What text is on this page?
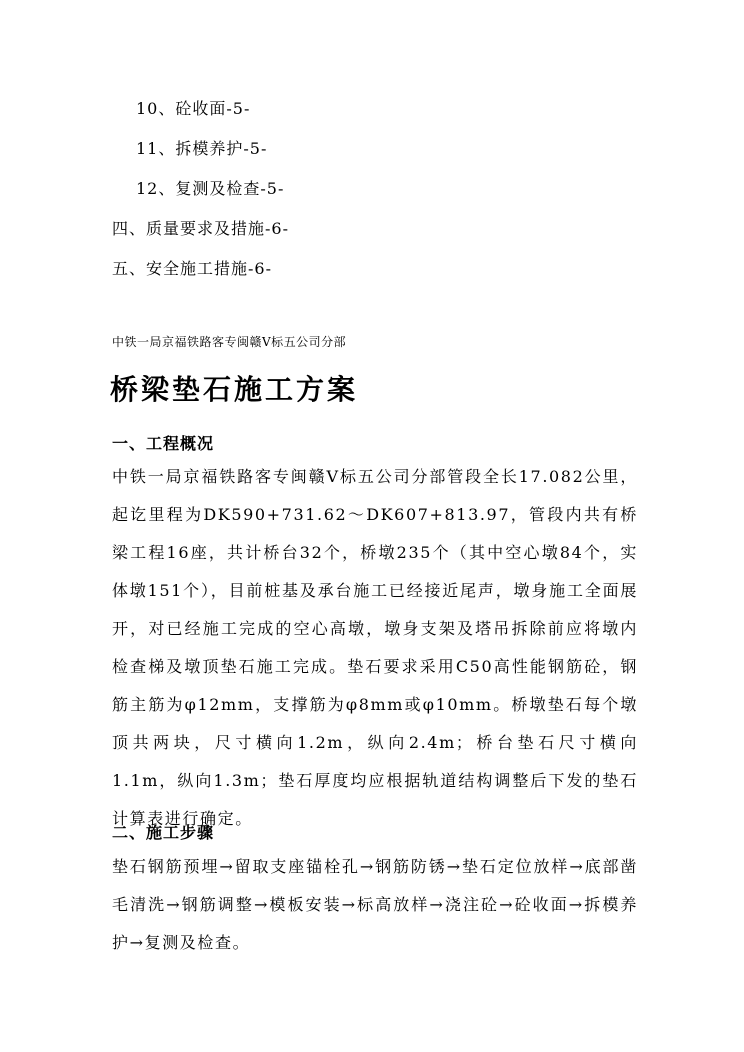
10、砼收面-5-
11、拆模养护-5-
12、复测及检查-5-
四、质量要求及措施-6-
五、安全施工措施-6-
中铁一局京福铁路客专闽赣Ⅴ标五公司分部
桥梁垫石施工方案
一、工程概况
中铁一局京福铁路客专闽赣Ⅴ标五公司分部管段全长17.082公里，起讫里程为DK590+731.62～DK607+813.97，管段内共有桥梁工程16座，共计桥台32个，桥墩235个（其中空心墩84个，实体墩151个），目前桩基及承台施工已经接近尾声，墩身施工全面展开，对已经施工完成的空心高墩，墩身支架及塔吊拆除前应将墩内检查梯及墩顶垫石施工完成。垫石要求采用C50高性能钢筋砼，钢筋主筋为φ12mm，支撑筋为φ8mm或φ10mm。桥墩垫石每个墩顶共两块，尺寸横向1.2m，纵向2.4m；桥台垫石尺寸横向1.1m，纵向1.3m；垫石厚度均应根据轨道结构调整后下发的垫石计算表进行确定。
二、施工步骤
垫石钢筋预埋→留取支座锚栓孔→钢筋防锈→垫石定位放样→底部凿毛清洗→钢筋调整→模板安装→标高放样→浇注砼→砼收面→拆模养护→复测及检查。
